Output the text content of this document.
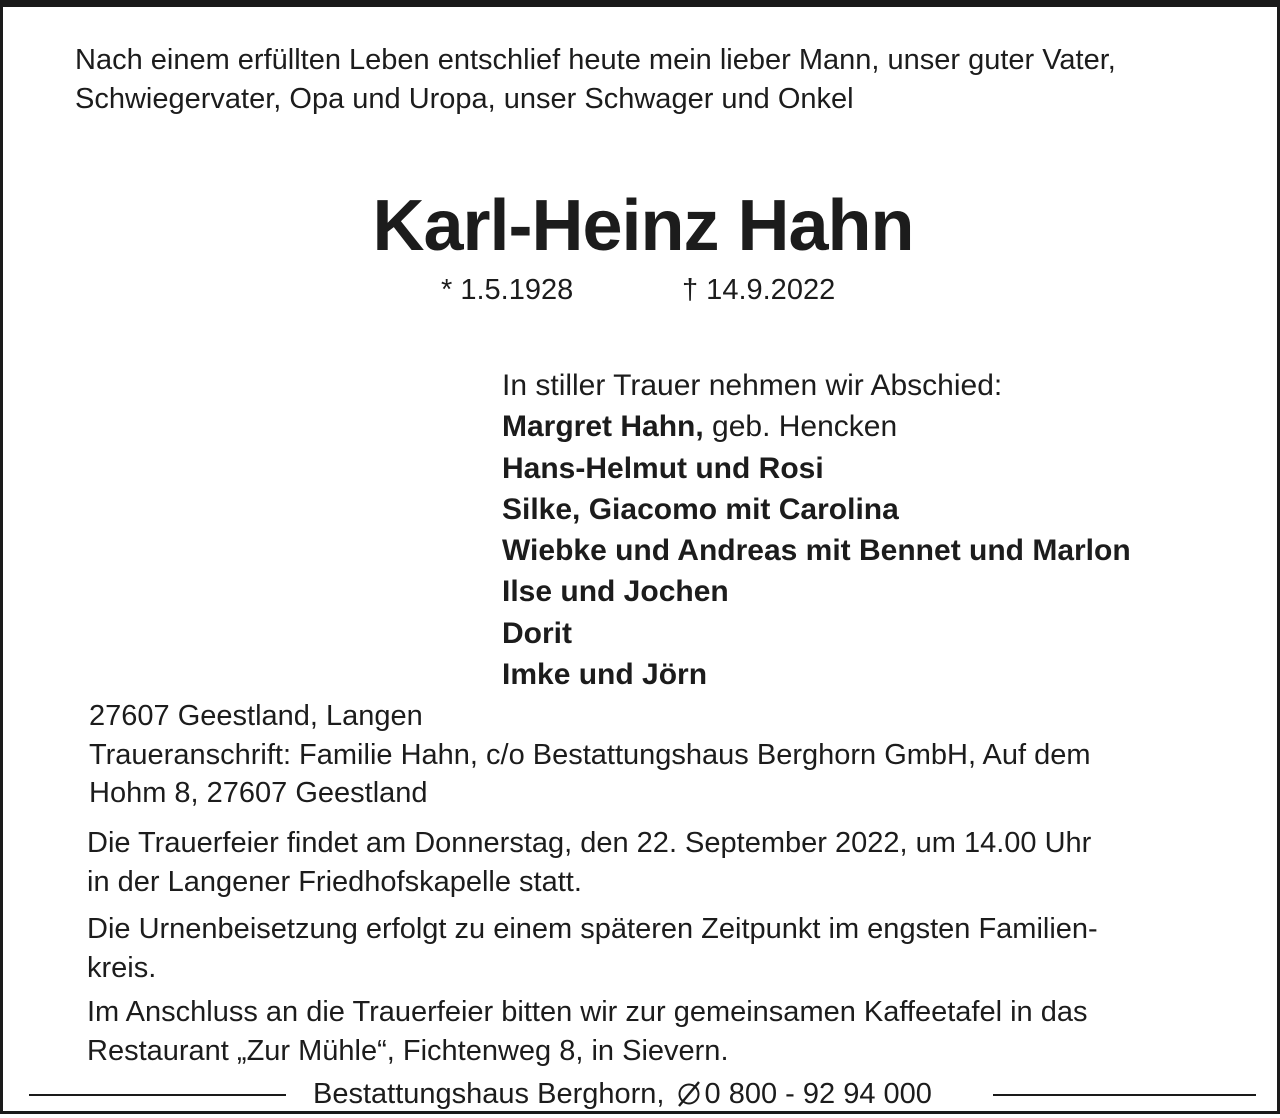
Nach einem erfüllten Leben entschlief heute mein lieber Mann, unser guter Vater,
Schwiegervater, Opa und Uropa, unser Schwager und Onkel
Karl-Heinz Hahn
* 1.5.1928	† 14.9.2022
In stiller Trauer nehmen wir Abschied:
Margret Hahn, geb. Hencken
Hans-Helmut und Rosi
Silke, Giacomo mit Carolina
Wiebke und Andreas mit Bennet und Marlon
Ilse und Jochen
Dorit
Imke und Jörn
27607 Geestland, Langen
Traueranschrift: Familie Hahn, c/o Bestattungshaus Berghorn GmbH, Auf dem
Hohm 8, 27607 Geestland
Die Trauerfeier findet am Donnerstag, den 22. September 2022, um 14.00 Uhr
in der Langener Friedhofskapelle statt.
Die Urnenbeisetzung erfolgt zu einem späteren Zeitpunkt im engsten Familien-
kreis.
Im Anschluss an die Trauerfeier bitten wir zur gemeinsamen Kaffeetafel in das
Restaurant „Zur Mühle“, Fichtenweg 8, in Sievern.
Bestattungshaus Berghorn, 0 800 - 92 94 000
